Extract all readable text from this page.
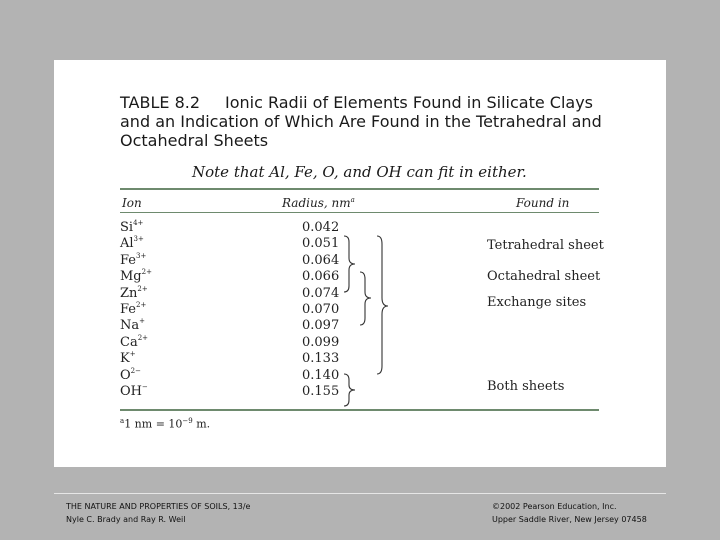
TABLE 8.2 Ionic Radii of Elements Found in Silicate Clays
and an Indication of Which Are Found in the Tetrahedral and
Octahedral Sheets
Note that Al, Fe, O, and OH can fit in either.
Ion	Radius, $nm^a$	Found in
$Si^{4+}$
$Al^{3+}$
$Fe^{3+}$
$Mg^{2+}$
$Zn^{2+}$
$Fe^{2+}$
Na+
$Ca^{2+}$
K+
$O^{2-}$
OH−
0.042
0.051
0.064
0.066
0.074
0.070
0.097
0.099
0.133
0.140
0.155
Tetrahedral sheet
Octahedral sheet
Exchange sites
Both sheets
$^a$1 nm = $10^{-9}$ m.
THE NATURE AND PROPERTIES OF SOILS, 13/e
Nyle C. Brady and Ray R. Weil
©2002 Pearson Education, Inc.
Upper Saddle River, New Jersey 07458
